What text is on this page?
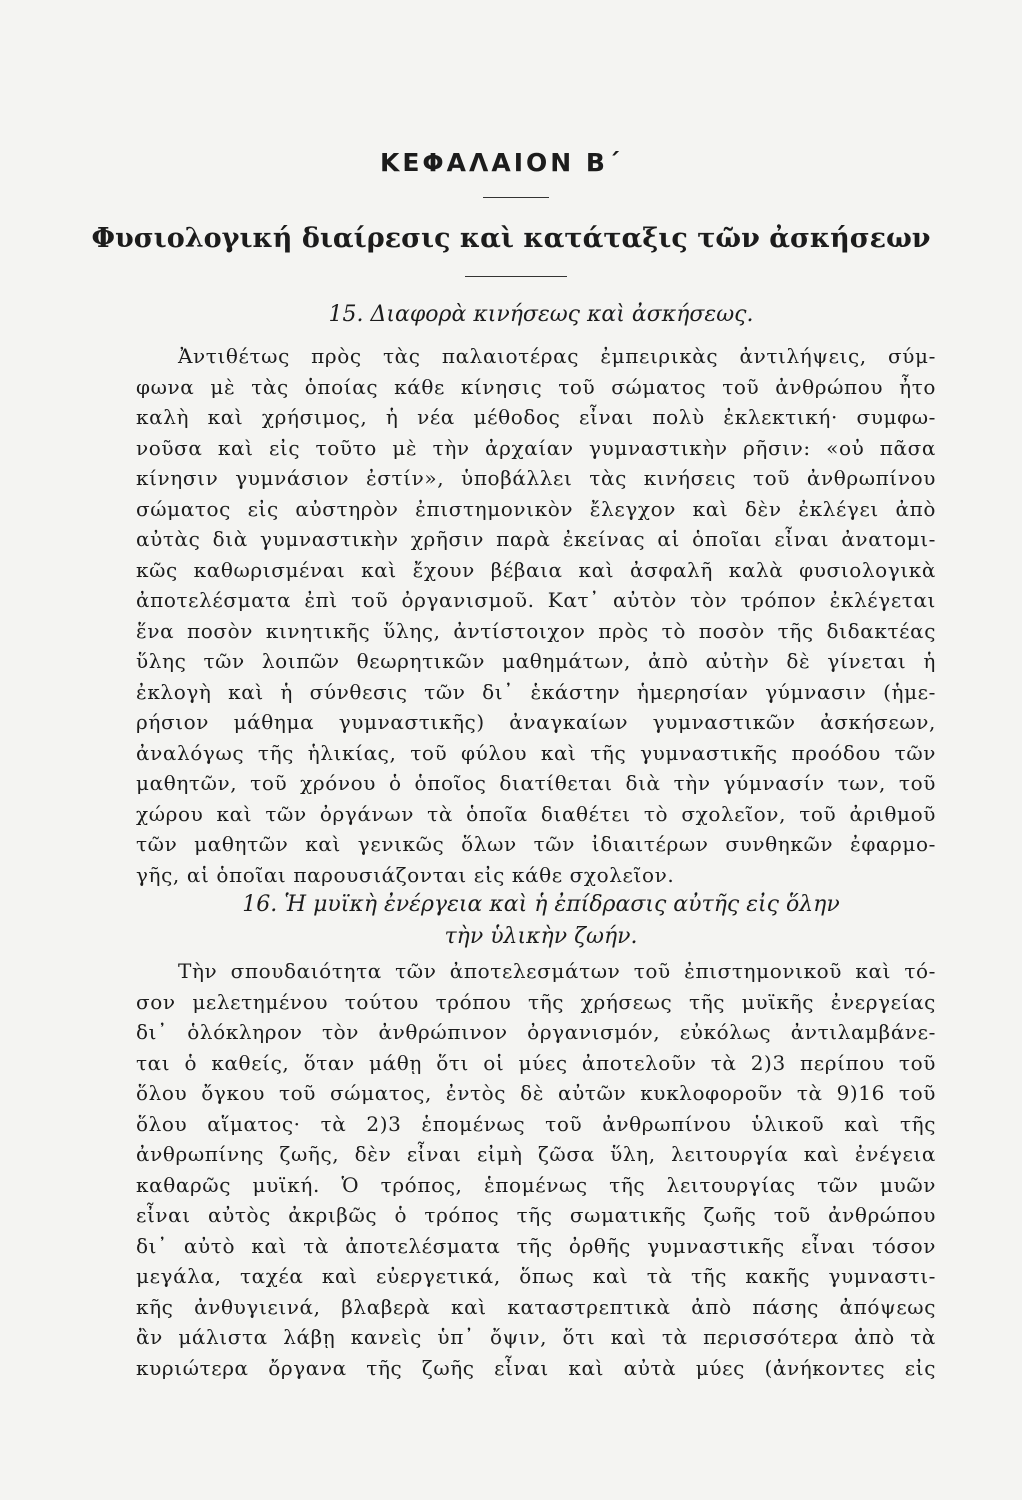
ΚΕΦΑΛΑΙΟΝ Β΄
Φυσιολογική διαίρεσις καὶ κατάταξις τῶν ἀσκήσεων
15. Διαφορὰ κινήσεως καὶ ἀσκήσεως.
Ἀντιθέτως πρὸς τὰς παλαιοτέρας ἐμπειρικὰς ἀντιλήψεις, σύμ-
φωνα μὲ τὰς ὁποίας κάθε κίνησις τοῦ σώματος τοῦ ἀνθρώπου ἦτο
καλὴ καὶ χρήσιμος, ἡ νέα μέθοδος εἶναι πολὺ ἐκλεκτική· συμφω-
νοῦσα καὶ εἰς τοῦτο μὲ τὴν ἀρχαίαν γυμναστικὴν ρῆσιν: «οὐ πᾶσα
κίνησιν γυμνάσιον ἐστίν», ὑποβάλλει τὰς κινήσεις τοῦ ἀνθρωπίνου
σώματος εἰς αὐστηρὸν ἐπιστημονικὸν ἔλεγχον καὶ δὲν ἐκλέγει ἀπὸ
αὐτὰς διὰ γυμναστικὴν χρῆσιν παρὰ ἐκείνας αἱ ὁποῖαι εἶναι ἀνατομι-
κῶς καθωρισμέναι καὶ ἔχουν βέβαια καὶ ἀσφαλῆ καλὰ φυσιολογικὰ
ἀποτελέσματα ἐπὶ τοῦ ὀργανισμοῦ. Κατ᾽ αὐτὸν τὸν τρόπον ἐκλέγεται
ἕνα ποσὸν κινητικῆς ὕλης, ἀντίστοιχον πρὸς τὸ ποσὸν τῆς διδακτέας
ὕλης τῶν λοιπῶν θεωρητικῶν μαθημάτων, ἀπὸ αὐτὴν δὲ γίνεται ἡ
ἐκλογὴ καὶ ἡ σύνθεσις τῶν δι᾽ ἑκάστην ἡμερησίαν γύμνασιν (ἡμε-
ρήσιον μάθημα γυμναστικῆς) ἀναγκαίων γυμναστικῶν ἀσκήσεων,
ἀναλόγως τῆς ἡλικίας, τοῦ φύλου καὶ τῆς γυμναστικῆς προόδου τῶν
μαθητῶν, τοῦ χρόνου ὁ ὁποῖος διατίθεται διὰ τὴν γύμνασίν των, τοῦ
χώρου καὶ τῶν ὀργάνων τὰ ὁποῖα διαθέτει τὸ σχολεῖον, τοῦ ἀριθμοῦ
τῶν μαθητῶν καὶ γενικῶς ὅλων τῶν ἰδιαιτέρων συνθηκῶν ἐφαρμο-
γῆς, αἱ ὁποῖαι παρουσιάζονται εἰς κάθε σχολεῖον.
16. Ἡ μυϊκὴ ἐνέργεια καὶ ἡ ἐπίδρασις αὐτῆς εἰς ὅλην
τὴν ὑλικὴν ζωήν.
Τὴν σπουδαιότητα τῶν ἀποτελεσμάτων τοῦ ἐπιστημονικοῦ καὶ τό-
σον μελετημένου τούτου τρόπου τῆς χρήσεως τῆς μυϊκῆς ἐνεργείας
δι᾽ ὁλόκληρον τὸν ἀνθρώπινον ὀργανισμόν, εὐκόλως ἀντιλαμβάνε-
ται ὁ καθείς, ὅταν μάθῃ ὅτι οἱ μύες ἀποτελοῦν τὰ 2)3 περίπου τοῦ
ὅλου ὄγκου τοῦ σώματος, ἐντὸς δὲ αὐτῶν κυκλοφοροῦν τὰ 9)16 τοῦ
ὅλου αἵματος· τὰ 2)3 ἑπομένως τοῦ ἀνθρωπίνου ὑλικοῦ καὶ τῆς
ἀνθρωπίνης ζωῆς, δὲν εἶναι εἰμὴ ζῶσα ὕλη, λειτουργία καὶ ἐνέγεια
καθαρῶς μυϊκή. Ὁ τρόπος, ἑπομένως τῆς λειτουργίας τῶν μυῶν
εἶναι αὐτὸς ἀκριβῶς ὁ τρόπος τῆς σωματικῆς ζωῆς τοῦ ἀνθρώπου
δι᾽ αὐτὸ καὶ τὰ ἀποτελέσματα τῆς ὀρθῆς γυμναστικῆς εἶναι τόσον
μεγάλα, ταχέα καὶ εὐεργετικά, ὅπως καὶ τὰ τῆς κακῆς γυμναστι-
κῆς ἀνθυγιεινά, βλαβερὰ καὶ καταστρεπτικὰ ἀπὸ πάσης ἀπόψεως
ἂν μάλιστα λάβῃ κανεὶς ὑπ᾽ ὄψιν, ὅτι καὶ τὰ περισσότερα ἀπὸ τὰ
κυριώτερα ὄργανα τῆς ζωῆς εἶναι καὶ αὐτὰ μύες (ἀνήκοντες εἰς
